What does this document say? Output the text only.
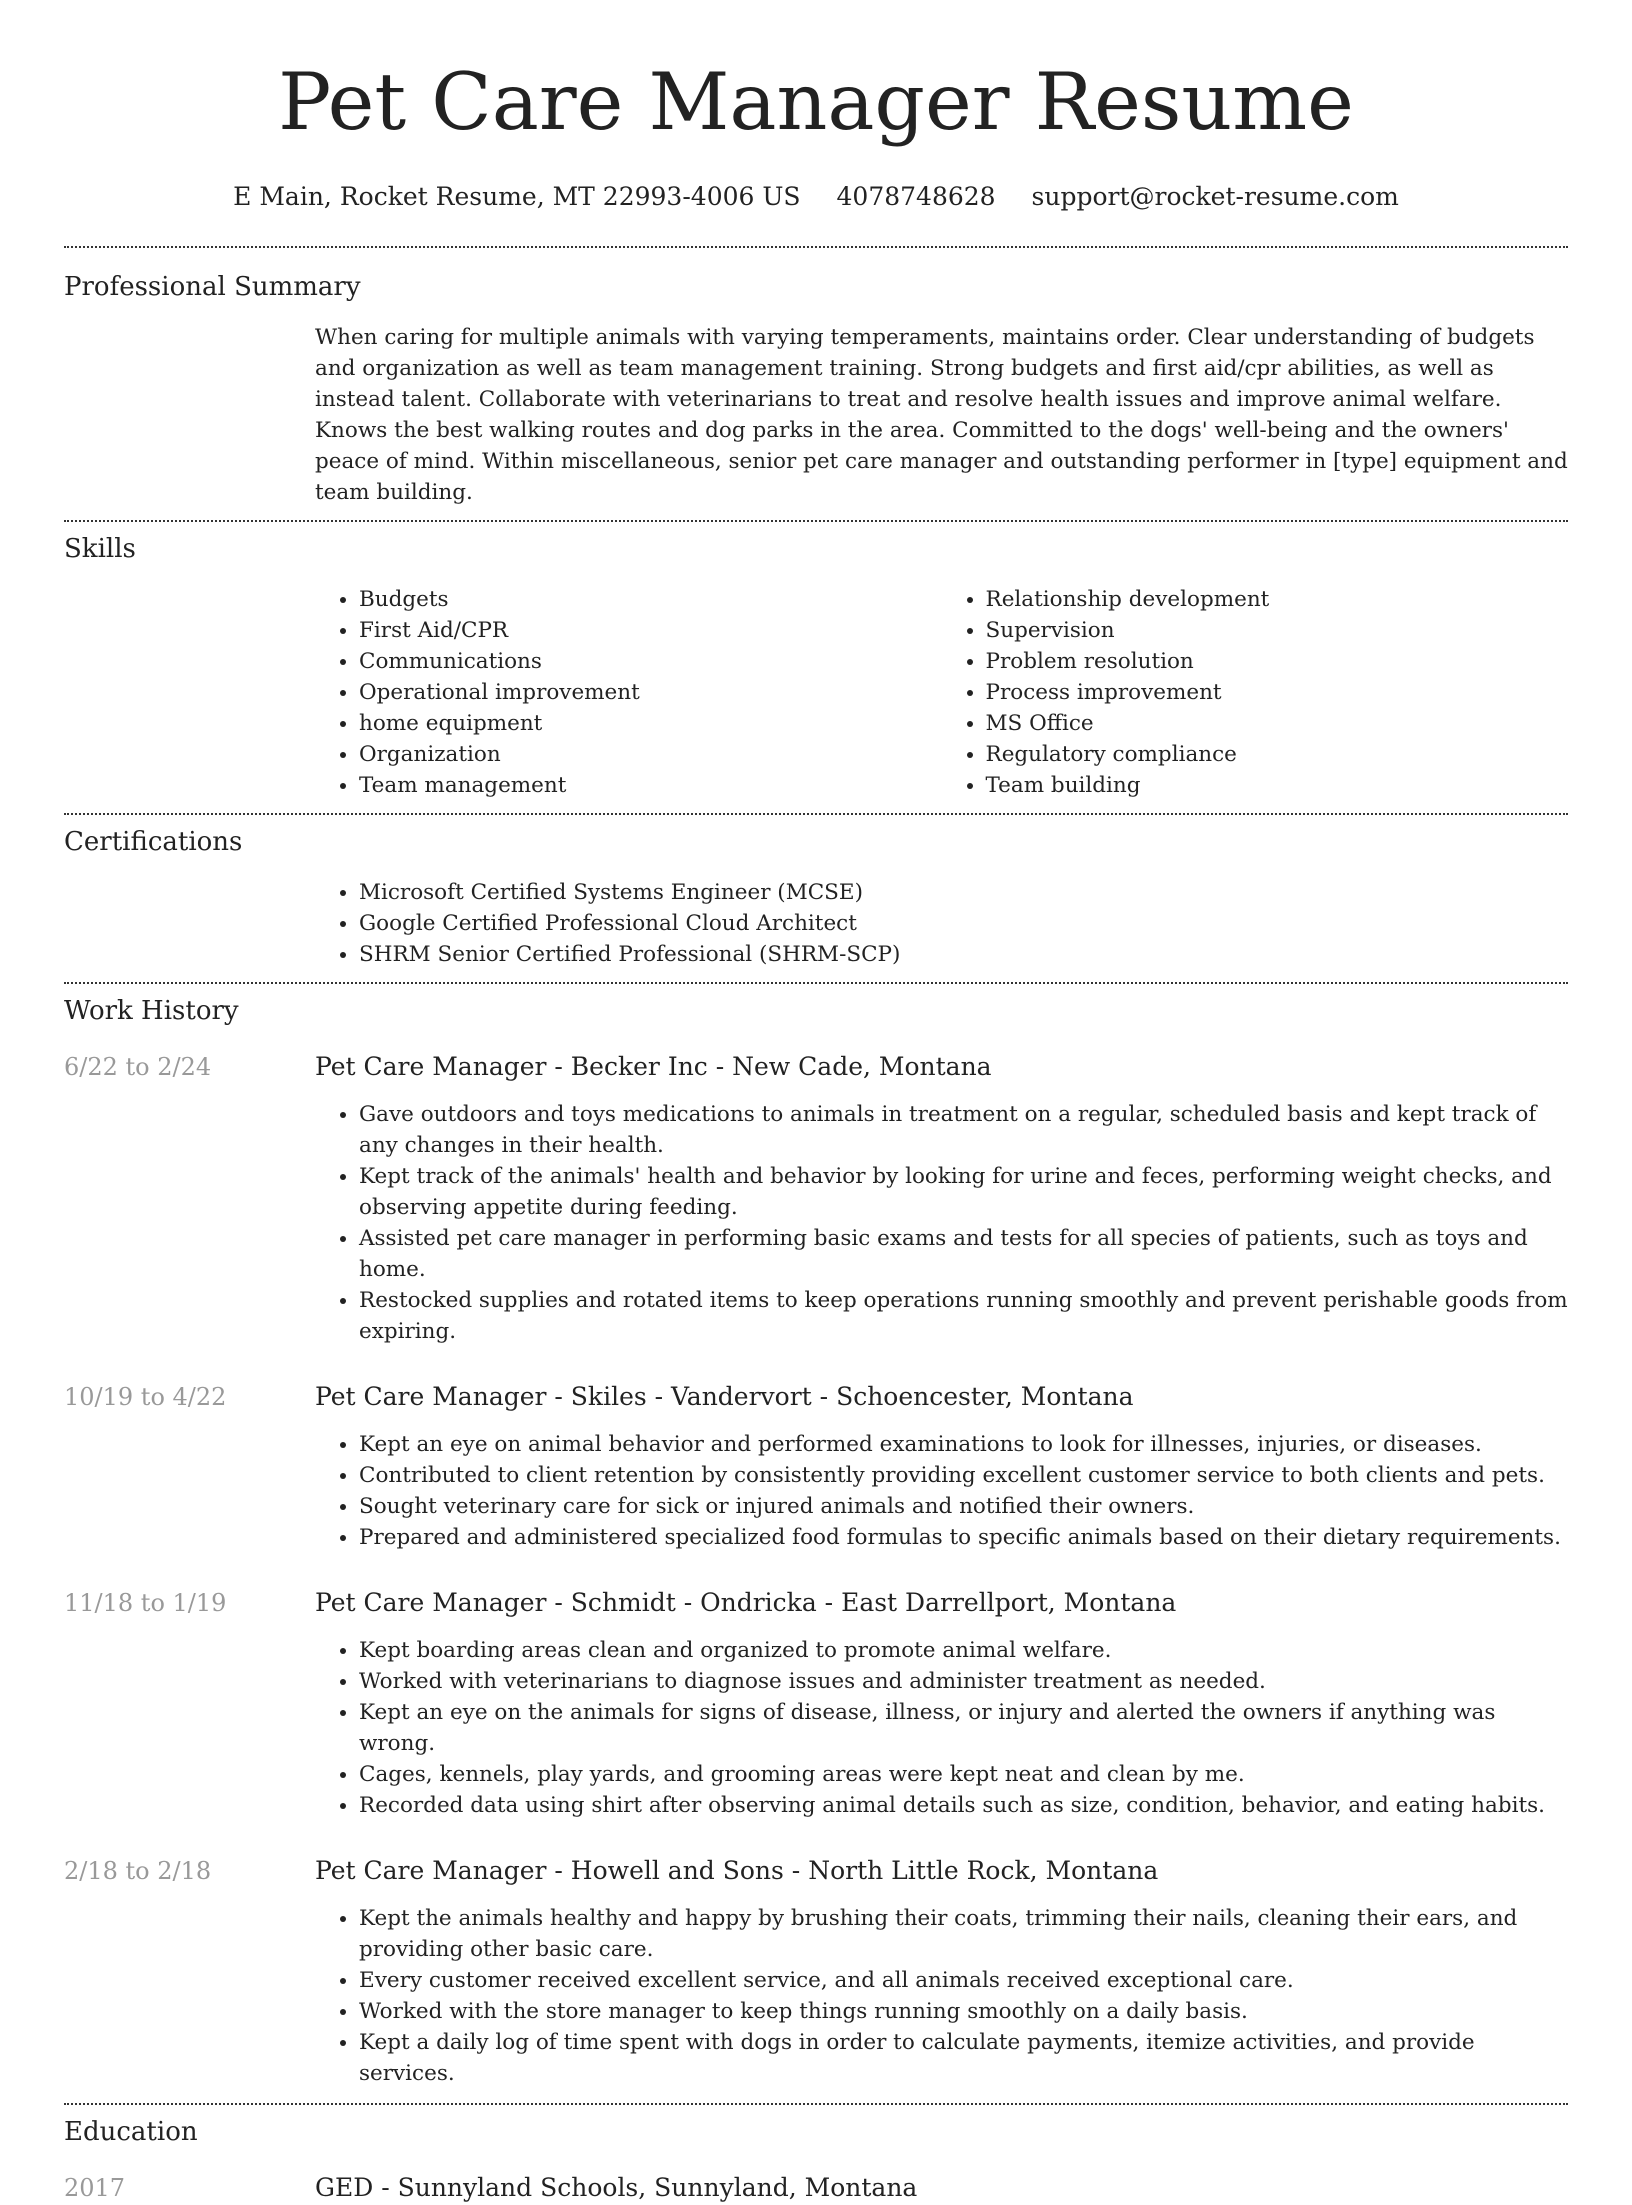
Pet Care Manager Resume
E Main, Rocket Resume, MT 22993-4006 US 4078748628 support@rocket-resume.com
Professional Summary

When caring for multiple animals with varying temperaments, maintains order. Clear understanding of budgets and organization as well as team management training. Strong budgets and first aid/cpr abilities, as well as instead talent. Collaborate with veterinarians to treat and resolve health issues and improve animal welfare. Knows the best walking routes and dog parks in the area. Committed to the dogs' well-being and the owners' peace of mind. Within miscellaneous, senior pet care manager and outstanding performer in [type] equipment and team building.

Skills
• Budgets
• First Aid/CPR
• Communications
• Operational improvement
• home equipment
• Organization
• Team management
• Relationship development
• Supervision
• Problem resolution
• Process improvement
• MS Office
• Regulatory compliance
• Team building
Certifications
• Microsoft Certified Systems Engineer (MCSE)
• Google Certified Professional Cloud Architect
• SHRM Senior Certified Professional (SHRM-SCP)
Work History
6/22 to 2/24	Pet Care Manager - Becker Inc - New Cade, Montana
• Gave outdoors and toys medications to animals in treatment on a regular, scheduled basis and kept track of any changes in their health.
• Kept track of the animals' health and behavior by looking for urine and feces, performing weight checks, and observing appetite during feeding.
• Assisted pet care manager in performing basic exams and tests for all species of patients, such as toys and home.
• Restocked supplies and rotated items to keep operations running smoothly and prevent perishable goods from expiring.
10/19 to 4/22	Pet Care Manager - Skiles - Vandervort - Schoencester, Montana
• Kept an eye on animal behavior and performed examinations to look for illnesses, injuries, or diseases.
• Contributed to client retention by consistently providing excellent customer service to both clients and pets.
• Sought veterinary care for sick or injured animals and notified their owners.
• Prepared and administered specialized food formulas to specific animals based on their dietary requirements.
11/18 to 1/19	Pet Care Manager - Schmidt - Ondricka - East Darrellport, Montana
• Kept boarding areas clean and organized to promote animal welfare.
• Worked with veterinarians to diagnose issues and administer treatment as needed.
• Kept an eye on the animals for signs of disease, illness, or injury and alerted the owners if anything was wrong.
• Cages, kennels, play yards, and grooming areas were kept neat and clean by me.
• Recorded data using shirt after observing animal details such as size, condition, behavior, and eating habits.
2/18 to 2/18	Pet Care Manager - Howell and Sons - North Little Rock, Montana
• Kept the animals healthy and happy by brushing their coats, trimming their nails, cleaning their ears, and providing other basic care.
• Every customer received excellent service, and all animals received exceptional care.
• Worked with the store manager to keep things running smoothly on a daily basis.
• Kept a daily log of time spent with dogs in order to calculate payments, itemize activities, and provide services.
Education
2017	GED - Sunnyland Schools, Sunnyland, Montana
